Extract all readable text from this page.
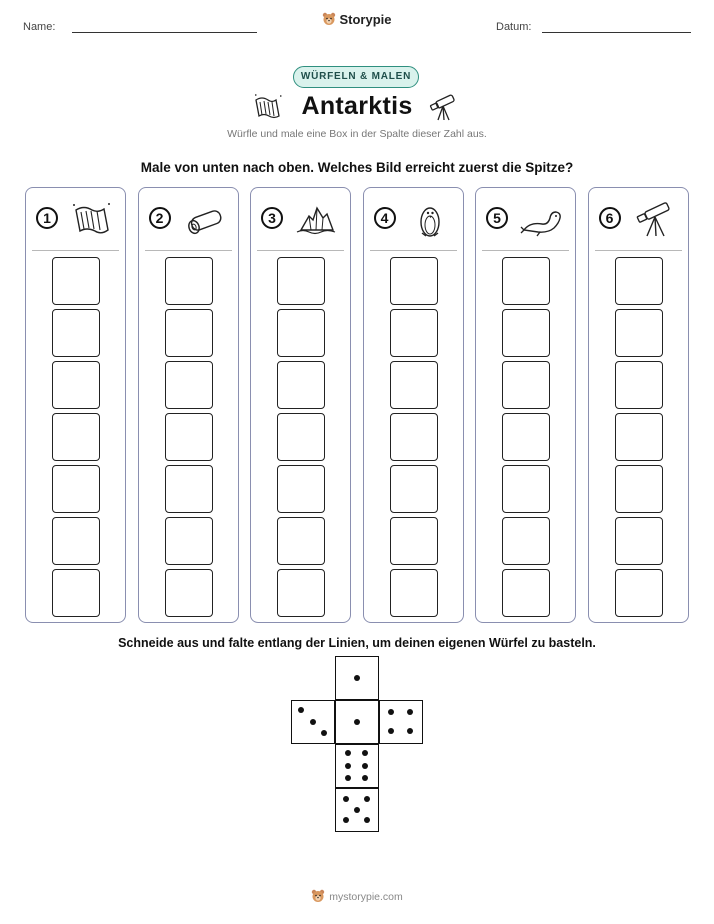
Name:	Storypie	Datum:
WÜRFELN & MALEN
Antarktis
Würfle und male eine Box in der Spalte dieser Zahl aus.
Male von unten nach oben. Welches Bild erreicht zuerst die Spitze?
1	2	3	4	5	6
Schneide aus und falte entlang der Linien, um deinen eigenen Würfel zu basteln.
mystorypie.com
